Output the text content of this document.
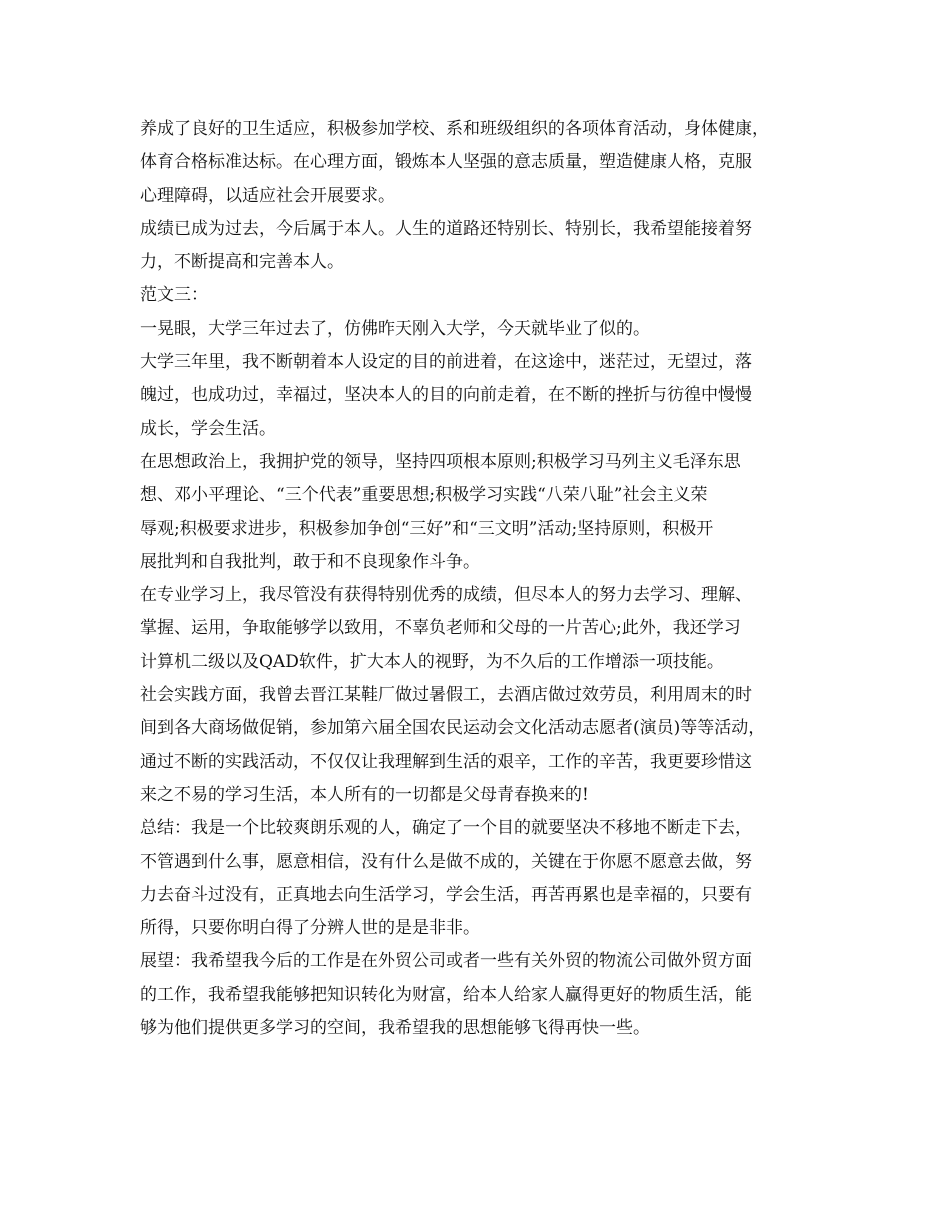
养成了良好的卫生适应，积极参加学校、系和班级组织的各项体育活动，身体健康，
体育合格标准达标。在心理方面，锻炼本人坚强的意志质量，塑造健康人格，克服
心理障碍，以适应社会开展要求。

成绩已成为过去，今后属于本人。人生的道路还特别长、特别长，我希望能接着努
力，不断提高和完善本人。

范文三：

一晃眼，大学三年过去了，仿佛昨天刚入大学，今天就毕业了似的。

大学三年里，我不断朝着本人设定的目的前进着，在这途中，迷茫过，无望过，落
魄过，也成功过，幸福过，坚决本人的目的向前走着，在不断的挫折与彷徨中慢慢
成长，学会生活。

在思想政治上，我拥护党的领导，坚持四项根本原则;积极学习马列主义毛泽东思
想、邓小平理论、“三个代表”重要思想;积极学习实践“八荣八耻”社会主义荣
辱观;积极要求进步，积极参加争创“三好”和“三文明”活动;坚持原则，积极开
展批判和自我批判，敢于和不良现象作斗争。

在专业学习上，我尽管没有获得特别优秀的成绩，但尽本人的努力去学习、理解、
掌握、运用，争取能够学以致用，不辜负老师和父母的一片苦心;此外，我还学习
计算机二级以及QAD软件，扩大本人的视野，为不久后的工作增添一项技能。

社会实践方面，我曾去晋江某鞋厂做过暑假工，去酒店做过效劳员，利用周末的时
间到各大商场做促销，参加第六届全国农民运动会文化活动志愿者(演员)等等活动，
通过不断的实践活动，不仅仅让我理解到生活的艰辛，工作的辛苦，我更要珍惜这
来之不易的学习生活，本人所有的一切都是父母青春换来的!

总结：我是一个比较爽朗乐观的人，确定了一个目的就要坚决不移地不断走下去，
不管遇到什么事，愿意相信，没有什么是做不成的，关键在于你愿不愿意去做，努
力去奋斗过没有，正真地去向生活学习，学会生活，再苦再累也是幸福的，只要有
所得，只要你明白得了分辨人世的是是非非。

展望：我希望我今后的工作是在外贸公司或者一些有关外贸的物流公司做外贸方面
的工作，我希望我能够把知识转化为财富，给本人给家人赢得更好的物质生活，能
够为他们提供更多学习的空间，我希望我的思想能够飞得再快一些。
